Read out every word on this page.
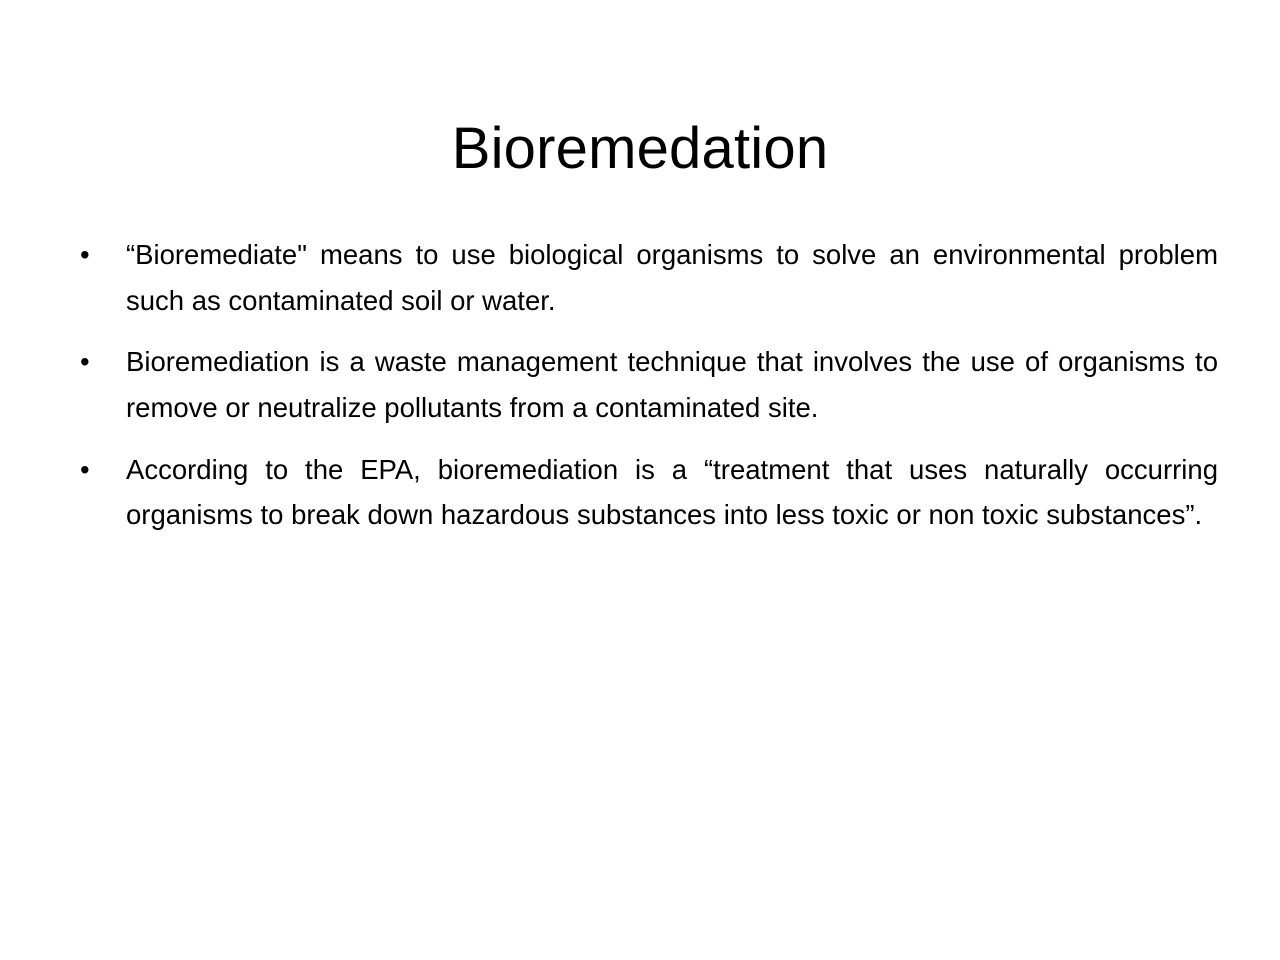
Bioremedation
• “Bioremediate" means to use biological organisms to solve an environmental problem such as contaminated soil or water.
• Bioremediation is a waste management technique that involves the use of organisms to remove or neutralize pollutants from a contaminated site.
• According to the EPA, bioremediation is a “treatment that uses naturally occurring organisms to break down hazardous substances into less toxic or non toxic substances”.
